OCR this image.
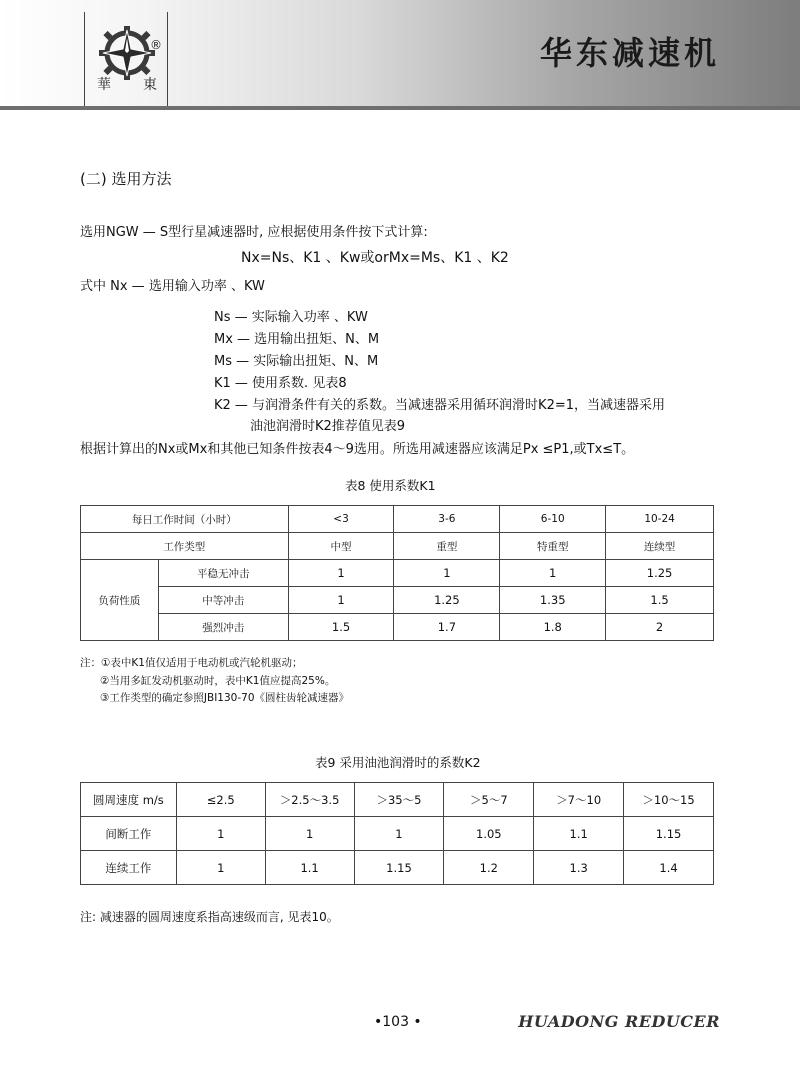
®
華 東
华东减速机
(二) 选用方法
选用NGW — S型行星减速器时, 应根据使用条件按下式计算:
Nx=Ns、K1 、Kw或orMx=Ms、K1 、K2
式中 Nx — 选用输入功率 、KW
Ns — 实际输入功率 、KW
Mx — 选用输出扭矩、N、M
Ms — 实际输出扭矩、N、M
K1 — 使用系数. 见表8
K2 — 与润滑条件有关的系数。当减速器采用循环润滑时K2=1，当减速器采用
油池润滑时K2推荐值见表9
根据计算出的Nx或Mx和其他已知条件按表4～9选用。所选用减速器应该满足Px ≤P1,或Tx≤T。
表8 使用系数K1
每日工作时间（小时）		<3	3-6	6-10	10-24
工作类型		中型	重型	特重型	连续型
负荷性质	平稳无冲击	1	1	1	1.25
	中等冲击	1	1.25	1.35	1.5
	强烈冲击	1.5	1.7	1.8	2
注：①表中K1值仅适用于电动机或汽轮机驱动；
②当用多缸发动机驱动时，表中K1值应提高25%。
③工作类型的确定参照JBI130-70《圆柱齿轮减速器》
表9 采用油池润滑时的系数K2
圆周速度 m/s	≤2.5	＞2.5～3.5	＞35～5	＞5～7	＞7～10	＞10～15
间断工作	1	1	1	1.05	1.1	1.15
连续工作	1	1.1	1.15	1.2	1.3	1.4
注: 减速器的圆周速度系指高速级而言, 见表10。
•103 •	HUADONG REDUCER
